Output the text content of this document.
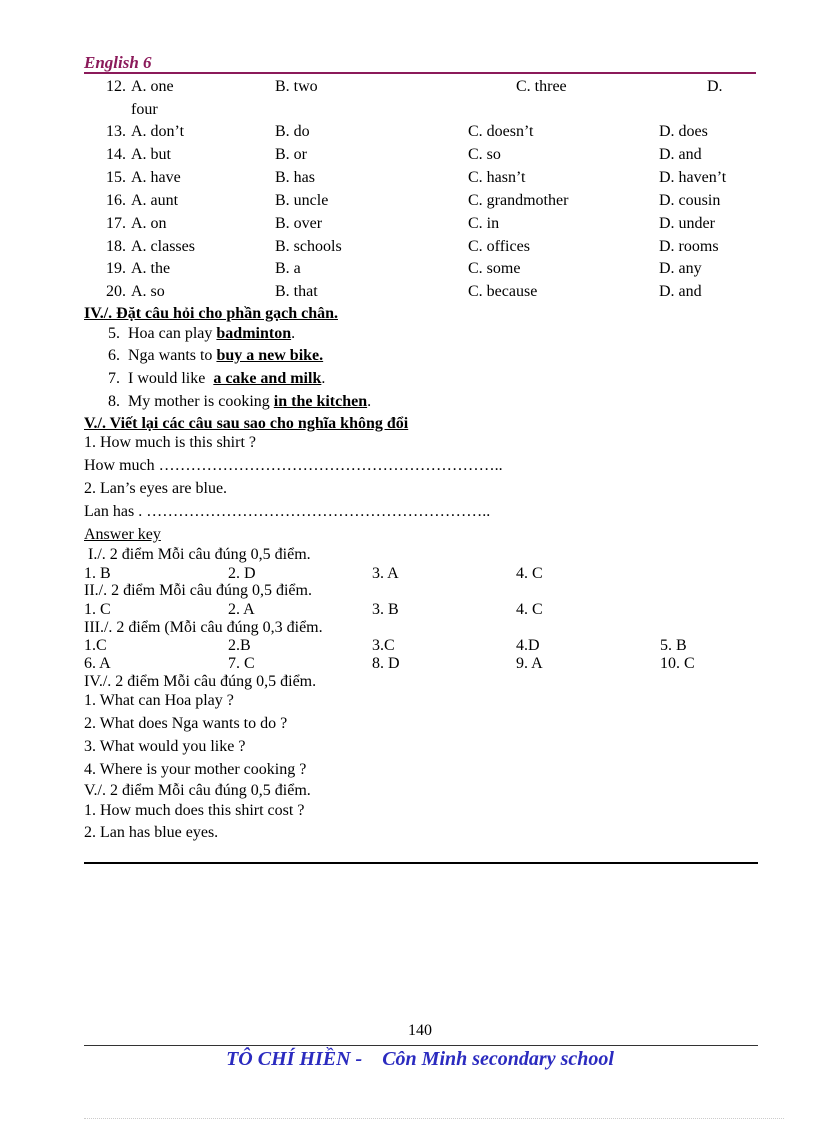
English 6
12. A. one	B. two	C. three	D.
four
13. A. don’t	B. do	C. doesn’t	D. does
14. A. but	B. or	C. so	D. and
15. A. have	B. has	C. hasn’t	D. haven’t
16. A. aunt	B. uncle	C. grandmother	D. cousin
17. A. on	B. over	C. in	D. under
18. A. classes	B. schools	C. offices	D. rooms
19. A. the	B. a	C. some	D. any
20. A. so	B. that	C. because	D. and
IV./. Đặt câu hỏi cho phần gạch chân.
5. Hoa can play badminton.
6. Nga wants to buy a new bike.
7. I would like  a cake and milk.
8. My mother is cooking in the kitchen.
V./. Viết lại các câu sau sao cho nghĩa không đổi
1. How much is this shirt ?
How much ………………………………………………………..
2. Lan’s eyes are blue.
Lan has . ………………………………………………………..
Answer key
I./. 2 điểm Mỗi câu đúng 0,5 điểm.
1. B	2. D	3. A	4. C
II./. 2 điểm Mỗi câu đúng 0,5 điểm.
1. C	2. A	3. B	4. C
III./. 2 điểm (Mỗi câu đúng 0,3 điểm.
1.C	2.B	3.C	4.D	5. B
6. A	7. C	8. D	9. A	10. C
IV./. 2 điểm Mỗi câu đúng 0,5 điểm.
1. What can Hoa play ?
2. What does Nga wants to do ?
3. What would you like ?
4. Where is your mother cooking ?
V./. 2 điểm Mỗi câu đúng 0,5 điểm.
1. How much does this shirt cost ?
2. Lan has blue eyes.
140
TÔ CHÍ HIỀN -    Côn Minh secondary school
